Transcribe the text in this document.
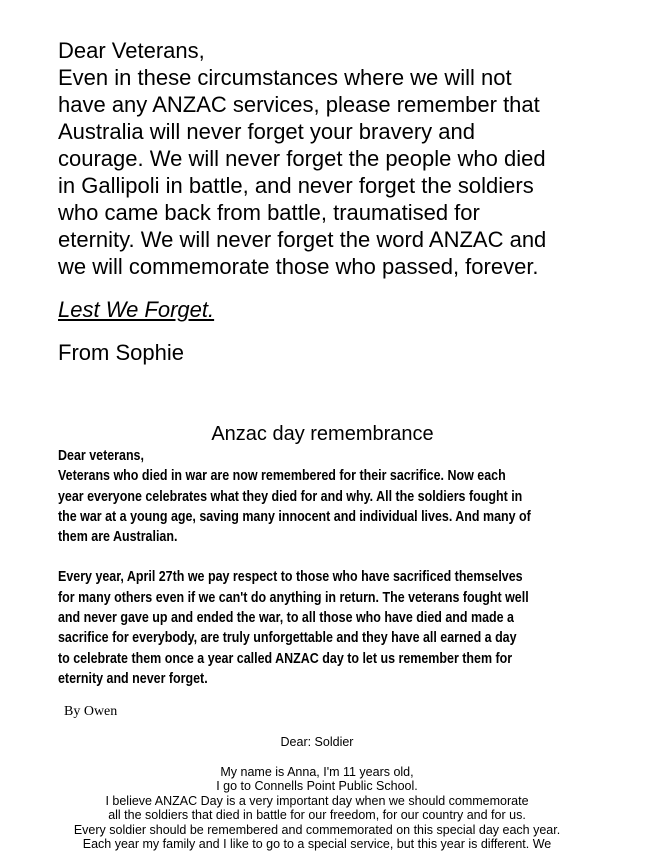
Dear Veterans,
Even in these circumstances where we will not
have any ANZAC services, please remember that
Australia will never forget your bravery and
courage. We will never forget the people who died
in Gallipoli in battle, and never forget the soldiers
who came back from battle, traumatised for
eternity. We will never forget the word ANZAC and
we will commemorate those who passed, forever.
Lest We Forget.
From Sophie
Anzac day remembrance
Dear veterans,
Veterans who died in war are now remembered for their sacrifice. Now each
year everyone celebrates what they died for and why. All the soldiers fought in
the war at a young age, saving many innocent and individual lives. And many of
them are Australian.
Every year, April 27th we pay respect to those who have sacrificed themselves
for many others even if we can't do anything in return. The veterans fought well
and never gave up and ended the war, to all those who have died and made a
sacrifice for everybody, are truly unforgettable and they have all earned a day
to celebrate them once a year called ANZAC day to let us remember them for
eternity and never forget.
By Owen
Dear: Soldier
My name is Anna, I'm 11 years old,
I go to Connells Point Public School.
I believe ANZAC Day is a very important day when we should commemorate
all the soldiers that died in battle for our freedom, for our country and for us.
Every soldier should be remembered and commemorated on this special day each year.
Each year my family and I like to go to a special service, but this year is different. We
